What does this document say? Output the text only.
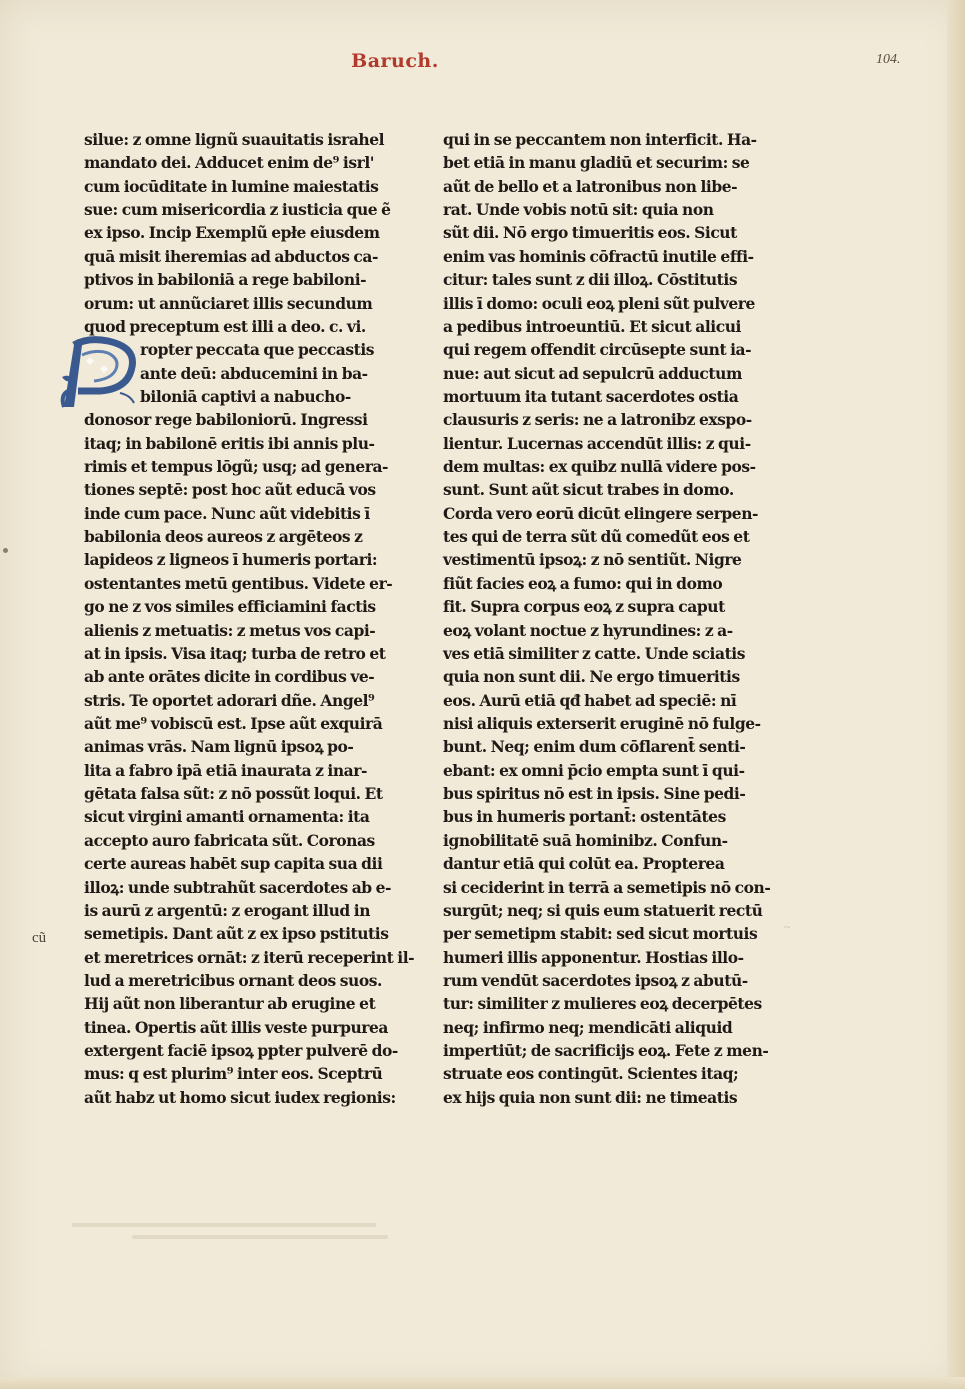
Baruch.	104.
cũ
~
silue: z omne lignũ suauitatis israhel
mandato dei. Adducet enim de⁹ isrl'
cum iocūditate in lumine maiestatis
sue: cum misericordia z iusticia que ẽ
ex ipso. Incip Exemplũ epłe eiusdem
quā misit iheremias ad abductos ca-
ptivos in babiloniā a rege babiloni-
orum: ut annũciaret illis secundum
quod preceptum est illi a deo. c. vi.
ropter peccata que peccastis
ante deū: abducemini in ba-
biloniā captivi a nabucho-
donosor rege babiloniorū. Ingressi
itaq; in babilonē eritis ibi annis plu-
rimis et tempus lōgũ; usq; ad genera-
tiones septē: post hoc aũt educā vos
inde cum pace. Nunc aũt videbitis ī
babilonia deos aureos z argēteos z
lapideos z ligneos ī humeris portari:
ostentantes metū gentibus. Videte er-
go ne z vos similes efficiamini factis
alienis z metuatis: z metus vos capi-
at in ipsis. Visa itaq; turba de retro et
ab ante orātes dicite in cordibus ve-
stris. Te oportet adorari dñe. Angel⁹
aũt me⁹ vobiscū est. Ipse aũt exquirā
animas vrās. Nam lignū ipsoꝝ po-
lita a fabro ipā etiā inaurata z inar-
gētata falsa sũt: z nō possũt loqui. Et
sicut virgini amanti ornamenta: ita
accepto auro fabricata sũt. Coronas
certe aureas habēt sup capita sua dii
illoꝝ: unde subtrahũt sacerdotes ab e-
is aurū z argentū: z erogant illud in
semetipis. Dant aũt z ex ipso pstitutis
et meretrices ornāt: z iterū receperint il-
lud a meretricibus ornant deos suos.
Hij aũt non liberantur ab erugine et
tinea. Opertis aũt illis veste purpurea
extergent faciē ipsoꝝ ppter pulverē do-
mus: q est plurim⁹ inter eos. Sceptrū
aũt habz ut homo sicut iudex regionis:
qui in se peccantem non interficit. Ha-
bet etiā in manu gladiū et securim: se
aũt de bello et a latronibus non libe-
rat. Unde vobis notū sit: quia non
sũt dii. Nō ergo timueritis eos. Sicut
enim vas hominis cōfractū inutile effi-
citur: tales sunt z dii illoꝝ. Cōstitutis
illis ī domo: oculi eoꝝ pleni sũt pulvere
a pedibus introeuntiū. Et sicut alicui
qui regem offendit circūsepte sunt ia-
nue: aut sicut ad sepulcrū adductum
mortuum ita tutant sacerdotes ostia
clausuris z seris: ne a latronibz exspo-
lientur. Lucernas accendūt illis: z qui-
dem multas: ex quibz nullā videre pos-
sunt. Sunt aũt sicut trabes in domo.
Corda vero eorū dicūt elingere serpen-
tes qui de terra sũt dũ comedũt eos et
vestimentū ipsoꝝ: z nō sentiũt. Nigre
fiũt facies eoꝝ a fumo: qui in domo
fit. Supra corpus eoꝝ z supra caput
eoꝝ volant noctue z hyrundines: z a-
ves etiā similiter z catte. Unde sciatis
quia non sunt dii. Ne ergo timueritis
eos. Aurū etiā qđ habet ad speciē: nī
nisi aliquis exterserit eruginē nō fulge-
bunt. Neq; enim dum cōflarent̄ senti-
ebant: ex omni p̄cio empta sunt ī qui-
bus spiritus nō est in ipsis. Sine pedi-
bus in humeris portant̄: ostentātes
ignobilitatē suā hominibz. Confun-
dantur etiā qui colūt ea. Propterea
si ceciderint in terrā a semetipis nō con-
surgūt; neq; si quis eum statuerit rectū
per semetipm stabit: sed sicut mortuis
humeri illis apponentur. Hostias illo-
rum vendūt sacerdotes ipsoꝝ z abutū-
tur: similiter z mulieres eoꝝ decerpētes
neq; infirmo neq; mendicāti aliquid
impertiūt; de sacrificijs eoꝝ. Fete z men-
struate eos contingūt. Scientes itaq;
ex hijs quia non sunt dii: ne timeatis
